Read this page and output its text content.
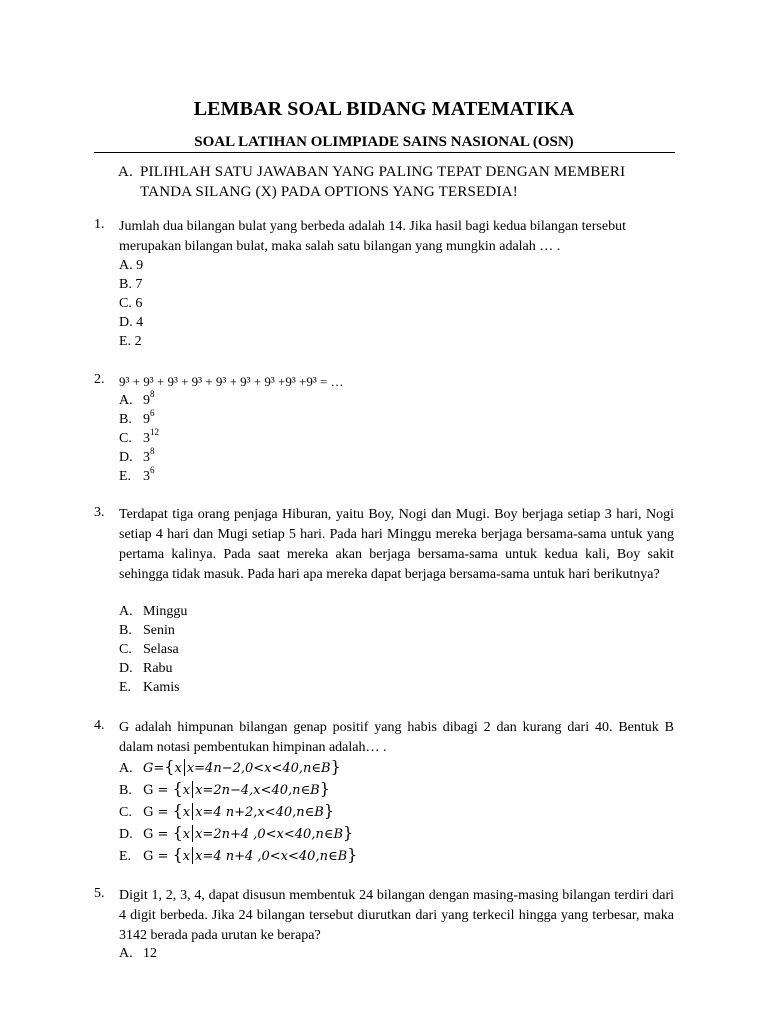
LEMBAR SOAL BIDANG MATEMATIKA
SOAL LATIHAN OLIMPIADE SAINS NASIONAL (OSN)
A. PILIHLAH SATU JAWABAN YANG PALING TEPAT DENGAN MEMBERI
TANDA SILANG (X) PADA OPTIONS YANG TERSEDIA!
1. Jumlah dua bilangan bulat yang berbeda adalah 14. Jika hasil bagi kedua bilangan tersebut merupakan bilangan bulat, maka salah satu bilangan yang mungkin adalah … .
A. 9
B. 7
C. 6
D. 4
E. 2
2. 9³ + 9³ + 9³ + 9³ + 9³ + 9³ + 9³ +9³ +9³ = …
A. $9^8$
B. $9^6$
C. $3^{12}$
D. $3^8$
E. $3^6$
3. Terdapat tiga orang penjaga Hiburan, yaitu Boy, Nogi dan Mugi. Boy berjaga setiap 3 hari, Nogi setiap 4 hari dan Mugi setiap 5 hari. Pada hari Minggu mereka berjaga bersama-sama untuk yang pertama kalinya. Pada saat mereka akan berjaga bersama-sama untuk kedua kali, Boy sakit sehingga tidak masuk. Pada hari apa mereka dapat berjaga bersama-sama untuk hari berikutnya?
A. Minggu
B. Senin
C. Selasa
D. Rabu
E. Kamis
4. G adalah himpunan bilangan genap positif yang habis dibagi 2 dan kurang dari 40. Bentuk B dalam notasi pembentukan himpinan adalah… .
A. G={x x=4n−2,0<x<40,n∈B}
B. G = {x x=2n−4,x<40,n∈B}
C. G = {x x=4 n+2,x<40,n∈B}
D. G = {x x=2n+4 ,0<x<40,n∈B}
E. G = {x x=4 n+4 ,0<x<40,n∈B}
5. Digit 1, 2, 3, 4, dapat disusun membentuk 24 bilangan dengan masing-masing bilangan terdiri dari 4 digit berbeda. Jika 24 bilangan tersebut diurutkan dari yang terkecil hingga yang terbesar, maka 3142 berada pada urutan ke berapa?
A. 12
